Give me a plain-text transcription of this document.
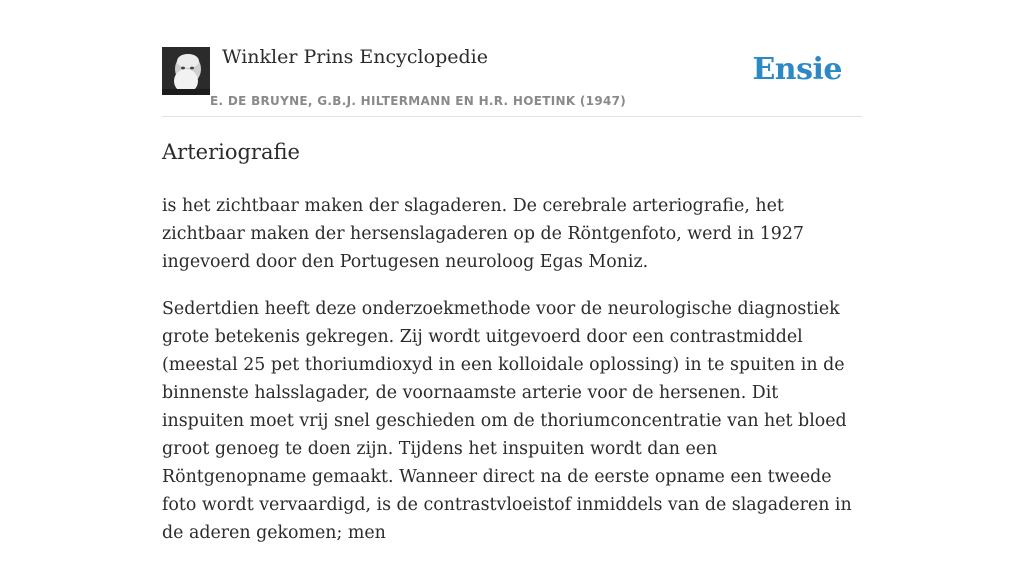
Winkler Prins Encyclopedie
E. DE BRUYNE, G.B.J. HILTERMANN EN H.R. HOETINK (1947)
Ensie
Arteriografie

is het zichtbaar maken der slagaderen. De cerebrale arteriografie, het zichtbaar maken der hersenslagaderen op de Röntgenfoto, werd in 1927 ingevoerd door den Portugesen neuroloog Egas Moniz.

Sedertdien heeft deze onderzoekmethode voor de neurologische diagnostiek grote betekenis gekregen. Zij wordt uitgevoerd door een contrastmiddel (meestal 25 pet thoriumdioxyd in een kolloidale oplossing) in te spuiten in de binnenste halsslagader, de voornaamste arterie voor de hersenen. Dit inspuiten moet vrij snel geschieden om de thoriumconcentratie van het bloed groot genoeg te doen zijn. Tijdens het inspuiten wordt dan een Röntgenopname gemaakt. Wanneer direct na de eerste opname een tweede foto wordt vervaardigd, is de contrastvloeistof inmiddels van de slagaderen in de aderen gekomen; men
